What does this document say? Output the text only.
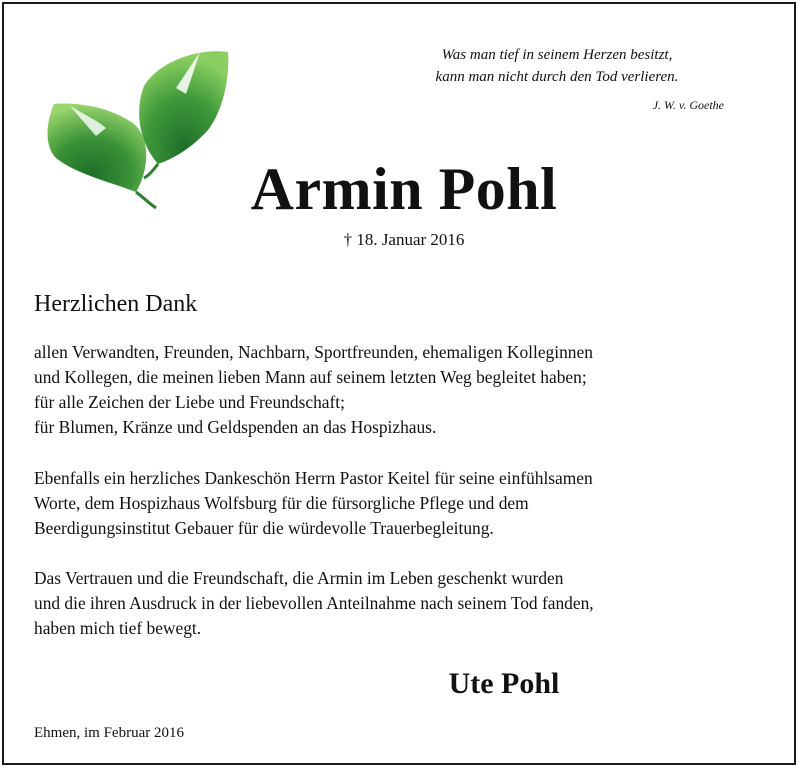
Was man tief in seinem Herzen besitzt,
kann man nicht durch den Tod verlieren.
J. W. v. Goethe
Armin Pohl
† 18. Januar 2016
Herzlichen Dank

allen Verwandten, Freunden, Nachbarn, Sportfreunden, ehemaligen Kolleginnen
und Kollegen, die meinen lieben Mann auf seinem letzten Weg begleitet haben;
für alle Zeichen der Liebe und Freundschaft;
für Blumen, Kränze und Geldspenden an das Hospizhaus.

Ebenfalls ein herzliches Dankeschön Herrn Pastor Keitel für seine einfühlsamen
Worte, dem Hospizhaus Wolfsburg für die fürsorgliche Pflege und dem
Beerdigungsinstitut Gebauer für die würdevolle Trauerbegleitung.

Das Vertrauen und die Freundschaft, die Armin im Leben geschenkt wurden
und die ihren Ausdruck in der liebevollen Anteilnahme nach seinem Tod fanden,
haben mich tief bewegt.

Ute Pohl
Ehmen, im Februar 2016
